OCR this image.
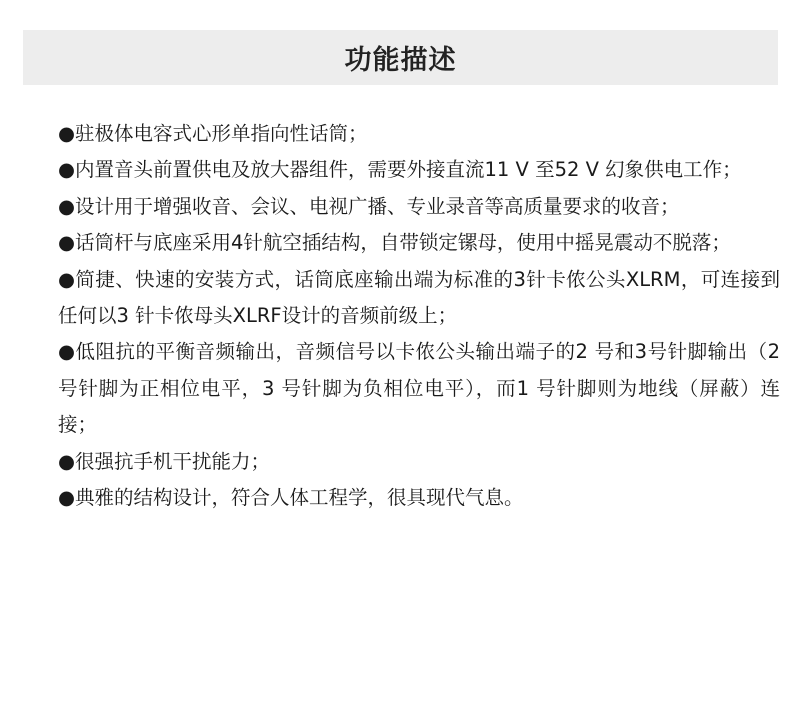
功能描述

●驻极体电容式心形单指向性话筒；

●内置音头前置供电及放大器组件，需要外接直流11 V 至52 V 幻象供电工作；

●设计用于增强收音、会议、电视广播、专业录音等高质量要求的收音；

●话筒杆与底座采用4针航空插结构，自带锁定镙母，使用中摇晃震动不脱落；

●简捷、快速的安装方式，话筒底座输出端为标准的3针卡侬公头XLRM，可连接到任何以3 针卡侬母头XLRF设计的音频前级上；

●低阻抗的平衡音频输出，音频信号以卡侬公头输出端子的2 号和3号针脚输出（2 号针脚为正相位电平，3 号针脚为负相位电平），而1 号针脚则为地线（屏蔽）连接；

●很强抗手机干扰能力；

●典雅的结构设计，符合人体工程学，很具现代气息。
